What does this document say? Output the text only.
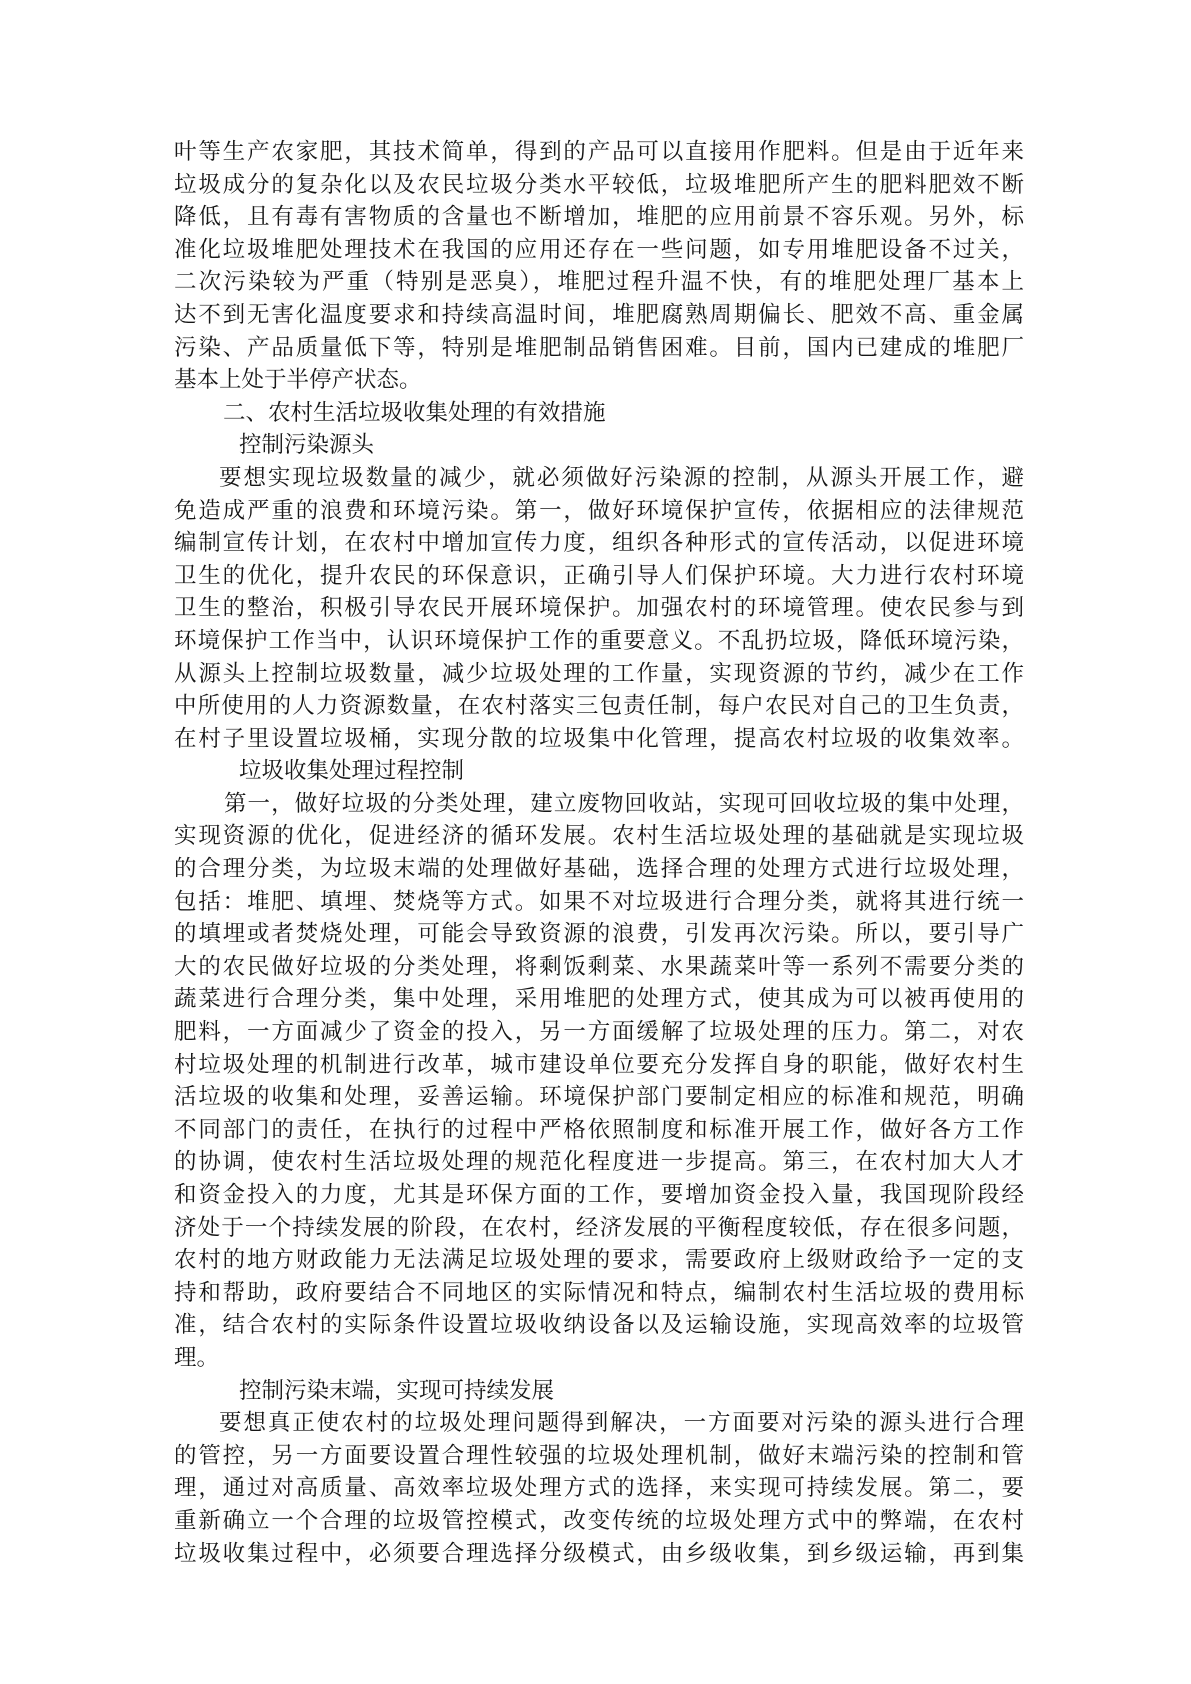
叶等生产农家肥，其技术简单，得到的产品可以直接用作肥料。但是由于近年来
垃圾成分的复杂化以及农民垃圾分类水平较低，垃圾堆肥所产生的肥料肥效不断
降低，且有毒有害物质的含量也不断增加，堆肥的应用前景不容乐观。另外，标
准化垃圾堆肥处理技术在我国的应用还存在一些问题，如专用堆肥设备不过关，
二次污染较为严重（特别是恶臭），堆肥过程升温不快，有的堆肥处理厂基本上
达不到无害化温度要求和持续高温时间，堆肥腐熟周期偏长、肥效不高、重金属
污染、产品质量低下等，特别是堆肥制品销售困难。目前，国内已建成的堆肥厂
基本上处于半停产状态。
二、农村生活垃圾收集处理的有效措施
控制污染源头
要想实现垃圾数量的减少，就必须做好污染源的控制，从源头开展工作，避
免造成严重的浪费和环境污染。第一，做好环境保护宣传，依据相应的法律规范
编制宣传计划，在农村中增加宣传力度，组织各种形式的宣传活动，以促进环境
卫生的优化，提升农民的环保意识，正确引导人们保护环境。大力进行农村环境
卫生的整治，积极引导农民开展环境保护。加强农村的环境管理。使农民参与到
环境保护工作当中，认识环境保护工作的重要意义。不乱扔垃圾，降低环境污染，
从源头上控制垃圾数量，减少垃圾处理的工作量，实现资源的节约，减少在工作
中所使用的人力资源数量，在农村落实三包责任制，每户农民对自己的卫生负责，
在村子里设置垃圾桶，实现分散的垃圾集中化管理，提高农村垃圾的收集效率。
垃圾收集处理过程控制
第一，做好垃圾的分类处理，建立废物回收站，实现可回收垃圾的集中处理，
实现资源的优化，促进经济的循环发展。农村生活垃圾处理的基础就是实现垃圾
的合理分类，为垃圾末端的处理做好基础，选择合理的处理方式进行垃圾处理，
包括：堆肥、填埋、焚烧等方式。如果不对垃圾进行合理分类，就将其进行统一
的填埋或者焚烧处理，可能会导致资源的浪费，引发再次污染。所以，要引导广
大的农民做好垃圾的分类处理，将剩饭剩菜、水果蔬菜叶等一系列不需要分类的
蔬菜进行合理分类，集中处理，采用堆肥的处理方式，使其成为可以被再使用的
肥料，一方面减少了资金的投入，另一方面缓解了垃圾处理的压力。第二，对农
村垃圾处理的机制进行改革，城市建设单位要充分发挥自身的职能，做好农村生
活垃圾的收集和处理，妥善运输。环境保护部门要制定相应的标准和规范，明确
不同部门的责任，在执行的过程中严格依照制度和标准开展工作，做好各方工作
的协调，使农村生活垃圾处理的规范化程度进一步提高。第三，在农村加大人才
和资金投入的力度，尤其是环保方面的工作，要增加资金投入量，我国现阶段经
济处于一个持续发展的阶段，在农村，经济发展的平衡程度较低，存在很多问题，
农村的地方财政能力无法满足垃圾处理的要求，需要政府上级财政给予一定的支
持和帮助，政府要结合不同地区的实际情况和特点，编制农村生活垃圾的费用标
准，结合农村的实际条件设置垃圾收纳设备以及运输设施，实现高效率的垃圾管
理。
控制污染末端，实现可持续发展
要想真正使农村的垃圾处理问题得到解决，一方面要对污染的源头进行合理
的管控，另一方面要设置合理性较强的垃圾处理机制，做好末端污染的控制和管
理，通过对高质量、高效率垃圾处理方式的选择，来实现可持续发展。第二，要
重新确立一个合理的垃圾管控模式，改变传统的垃圾处理方式中的弊端，在农村
垃圾收集过程中，必须要合理选择分级模式，由乡级收集，到乡级运输，再到集
